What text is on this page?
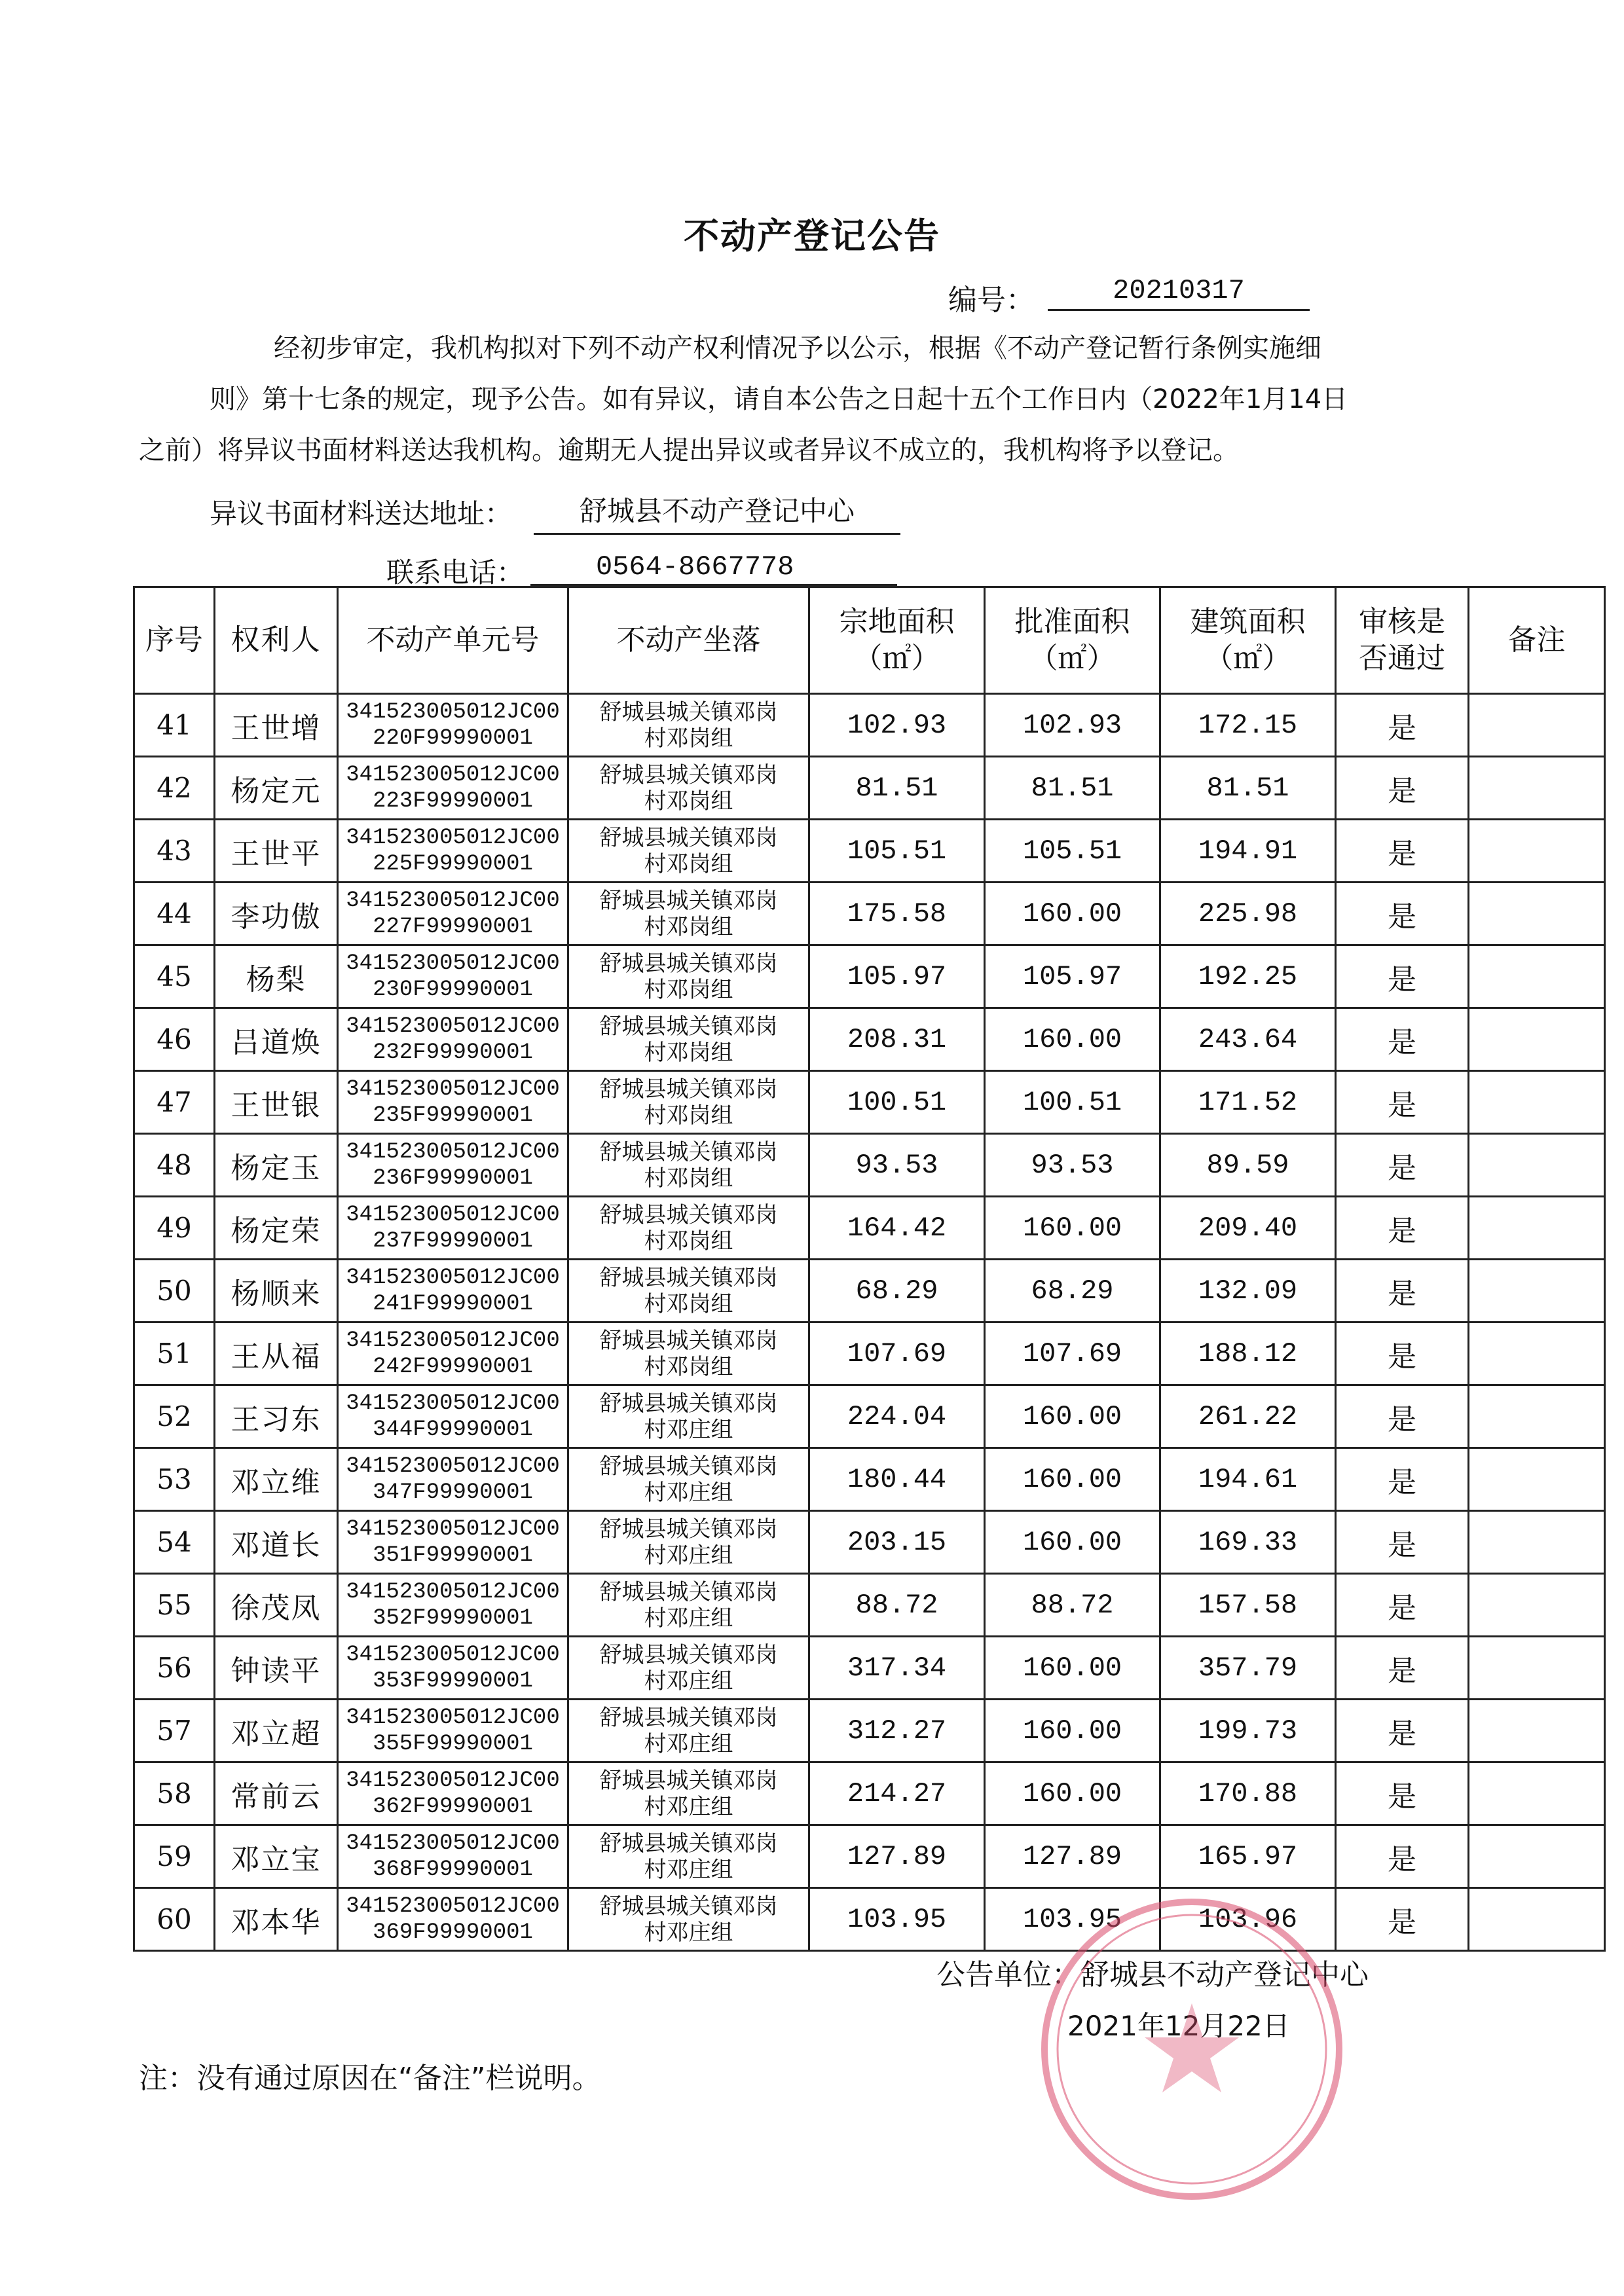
不动产登记公告
编号：	20210317
经初步审定，我机构拟对下列不动产权利情况予以公示，根据《不动产登记暂行条例实施细
则》第十七条的规定，现予公告。如有异议，请自本公告之日起十五个工作日内（2022年1月14日
之前）将异议书面材料送达我机构。逾期无人提出异议或者异议不成立的，我机构将予以登记。
异议书面材料送达地址：	舒城县不动产登记中心
联系电话：	0564-8667778
序号	权利人	不动产单元号	不动产坐落	宗地面积（㎡）	批准面积（㎡）	建筑面积（㎡）	审核是否通过	备注
41	王世增	341523005012JC00220F99990001	舒城县城关镇邓岗村邓岗组	102.93	102.93	172.15	是	
42	杨定元	341523005012JC00223F99990001	舒城县城关镇邓岗村邓岗组	81.51	81.51	81.51	是	
43	王世平	341523005012JC00225F99990001	舒城县城关镇邓岗村邓岗组	105.51	105.51	194.91	是	
44	李功傲	341523005012JC00227F99990001	舒城县城关镇邓岗村邓岗组	175.58	160.00	225.98	是	
45	杨梨	341523005012JC00230F99990001	舒城县城关镇邓岗村邓岗组	105.97	105.97	192.25	是	
46	吕道焕	341523005012JC00232F99990001	舒城县城关镇邓岗村邓岗组	208.31	160.00	243.64	是	
47	王世银	341523005012JC00235F99990001	舒城县城关镇邓岗村邓岗组	100.51	100.51	171.52	是	
48	杨定玉	341523005012JC00236F99990001	舒城县城关镇邓岗村邓岗组	93.53	93.53	89.59	是	
49	杨定荣	341523005012JC00237F99990001	舒城县城关镇邓岗村邓岗组	164.42	160.00	209.40	是	
50	杨顺来	341523005012JC00241F99990001	舒城县城关镇邓岗村邓岗组	68.29	68.29	132.09	是	
51	王从福	341523005012JC00242F99990001	舒城县城关镇邓岗村邓岗组	107.69	107.69	188.12	是	
52	王习东	341523005012JC00344F99990001	舒城县城关镇邓岗村邓庄组	224.04	160.00	261.22	是	
53	邓立维	341523005012JC00347F99990001	舒城县城关镇邓岗村邓庄组	180.44	160.00	194.61	是	
54	邓道长	341523005012JC00351F99990001	舒城县城关镇邓岗村邓庄组	203.15	160.00	169.33	是	
55	徐茂凤	341523005012JC00352F99990001	舒城县城关镇邓岗村邓庄组	88.72	88.72	157.58	是	
56	钟读平	341523005012JC00353F99990001	舒城县城关镇邓岗村邓庄组	317.34	160.00	357.79	是	
57	邓立超	341523005012JC00355F99990001	舒城县城关镇邓岗村邓庄组	312.27	160.00	199.73	是	
58	常前云	341523005012JC00362F99990001	舒城县城关镇邓岗村邓庄组	214.27	160.00	170.88	是	
59	邓立宝	341523005012JC00368F99990001	舒城县城关镇邓岗村邓庄组	127.89	127.89	165.97	是	
60	邓本华	341523005012JC00369F99990001	舒城县城关镇邓岗村邓庄组	103.95	103.95	103.96	是	
公告单位：舒城县不动产登记中心
2021年12月22日
注：没有通过原因在“备注”栏说明。
